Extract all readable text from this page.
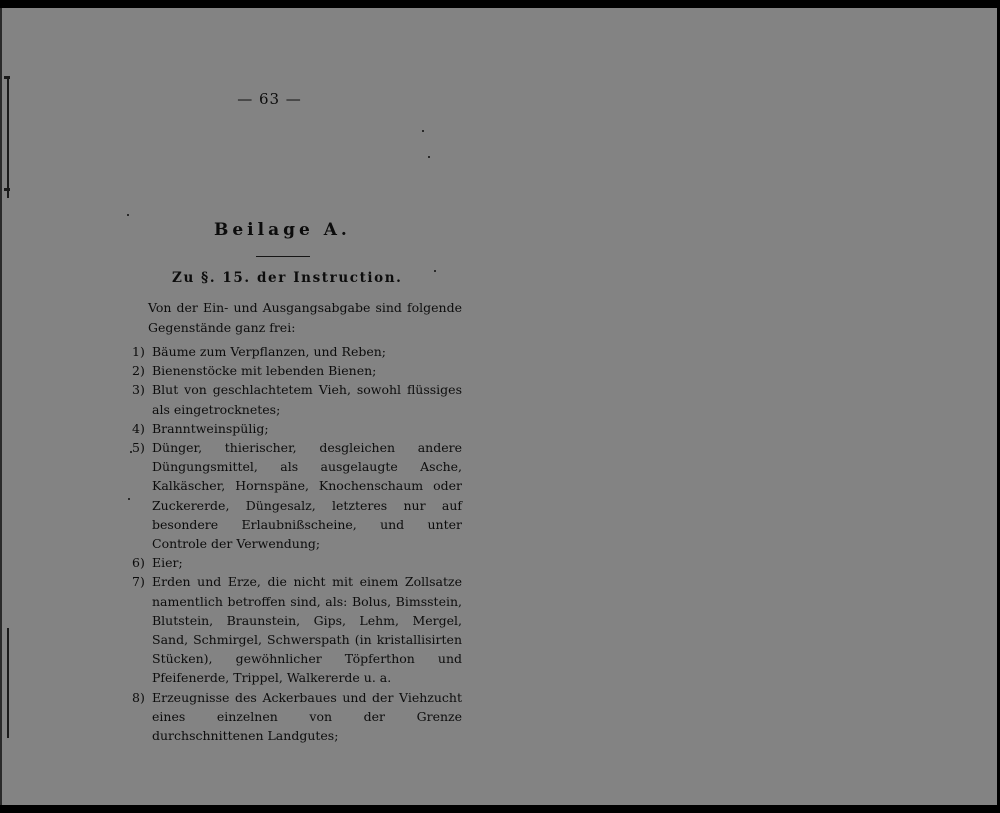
— 63 —
Beilage A.
Zu §. 15. der Instruction.
Von der Ein- und Ausgangsabgabe sind folgende Gegenstände ganz frei:
1) Bäume zum Verpflanzen, und Reben;
2) Bienenstöcke mit lebenden Bienen;
3) Blut von geschlachtetem Vieh, sowohl flüssiges als eingetrocknetes;
4) Branntweinspülig;
5) Dünger, thierischer, desgleichen andere Düngungsmittel, als ausgelaugte Asche, Kalkäscher, Hornspäne, Knochenschaum oder Zuckererde, Düngesalz, letzteres nur auf besondere Erlaubnißscheine, und unter Controle der Verwendung;
6) Eier;
7) Erden und Erze, die nicht mit einem Zollsatze namentlich betroffen sind, als: Bolus, Bimsstein, Blutstein, Braunstein, Gips, Lehm, Mergel, Sand, Schmirgel, Schwerspath (in kristallisirten Stücken), gewöhnlicher Töpferthon und Pfeifenerde, Trippel, Walkererde u. a.
8) Erzeugnisse des Ackerbaues und der Viehzucht eines einzelnen von der Grenze durchschnittenen Landgutes;
